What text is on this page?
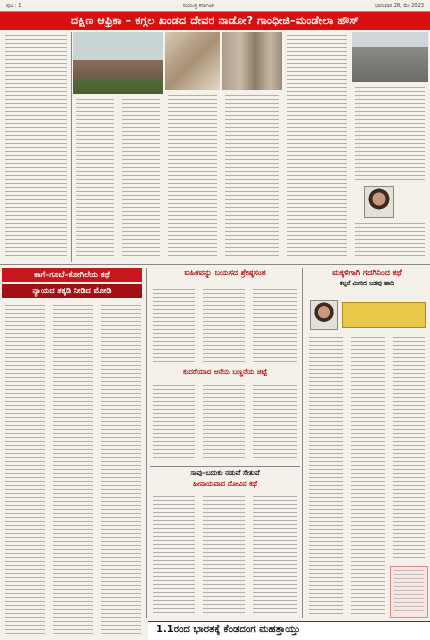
ಪುಟ : 1	ಸಂಯುಕ್ತ ಕರ್ನಾಟಕ	ಭಾನುವಾರ 28, ಮೇ 2023
ದಕ್ಷಿಣ ಆಫ್ರಿಕಾ – ಕಗ್ಗಲ ಖಂಡದ ದೇವರ ನಾಡೋ? ಗಾಂಧೀಜಿ–ಮಂಡೇಲಾ ಹೌಸ್
ಕಾಗೆ–ಗೂಬೆ–ಕೋಗಿಲೆಯ ಕಥೆ
ನ್ಯಾಯದ ತಕ್ಕಡಿ ನೀಡಿದ ಮೋಡಿ
ಐಹಿಕವನ್ನು ಬಯಸದ ಶ್ರೇಷ್ಠಸಂತ
ಕುದರೆಯಾದ ಆನೆಯ ಬಣ್ಣನೆಯ ಚಿಟ್ಟೆ
ಸಾವು–ಬದುಕು ನಡುವೆ ಸೇತುವೆ
ಹೀನಾಯವಾದ ನೋವಿನ ಕಥೆ
ಮಕ್ಕಳಿಗಾಗಿ ಗದಗಿನಿಂದ ಕಥೆ
ಕಲ್ಪನೆ ಮೀರಿದ ಬಡವು ಹಾದಿ
1.1ರಂದ ಭಾರತಕ್ಕೆ ಕೆಂಡದಂಗ ಮಹತ್ತಾಯ್ತು
